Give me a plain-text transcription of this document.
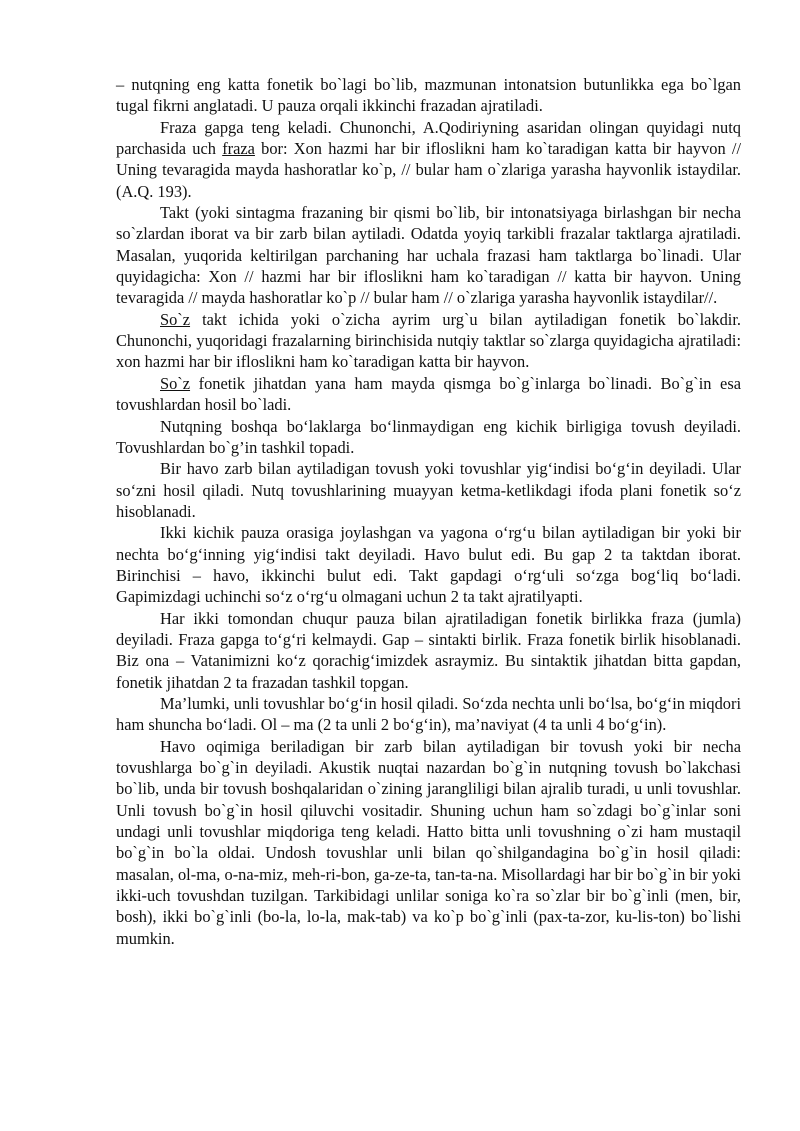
– nutqning eng katta fonetik bo`lagi bo`lib, mazmunan intonatsion butunlikka ega bo`lgan tugal fikrni anglatadi. U pauza orqali ikkinchi frazadan ajratiladi.

Fraza gapga teng keladi. Chunonchi, A.Qodiriyning asaridan olingan quyidagi nutq parchasida uch fraza bor: Xon hazmi har bir ifloslikni ham ko`taradigan katta bir hayvon // Uning tevaragida mayda hashoratlar ko`p, // bular ham o`zlariga yarasha hayvonlik istaydilar. (A.Q. 193).

Takt (yoki sintagma frazaning bir qismi bo`lib, bir intonatsiyaga birlashgan bir necha so`zlardan iborat va bir zarb bilan aytiladi. Odatda yoyiq tarkibli frazalar taktlarga ajratiladi. Masalan, yuqorida keltirilgan parchaning har uchala frazasi ham taktlarga bo`linadi. Ular quyidagicha: Xon // hazmi har bir ifloslikni ham ko`taradigan // katta bir hayvon. Uning tevaragida // mayda hashoratlar ko`p // bular ham // o`zlariga yarasha hayvonlik istaydilar//.

So`z takt ichida yoki o`zicha ayrim urg`u bilan aytiladigan fonetik bo`lakdir. Chunonchi, yuqoridagi frazalarning birinchisida nutqiy taktlar so`zlarga quyidagicha ajratiladi: xon hazmi har bir ifloslikni ham ko`taradigan katta bir hayvon.

So`z fonetik jihatdan yana ham mayda qismga bo`g`inlarga bo`linadi. Bo`g`in esa tovushlardan hosil bo`ladi.

Nutqning boshqa bo‘laklarga bo‘linmaydigan eng kichik birligiga tovush deyiladi. Tovushlardan bo`g’in tashkil topadi.

Bir havo zarb bilan aytiladigan tovush yoki tovushlar yig‘indisi bo‘g‘in deyiladi. Ular so‘zni hosil qiladi. Nutq tovushlarining muayyan ketma-ketlikdagi ifoda plani fonetik so‘z hisoblanadi.

Ikki kichik pauza orasiga joylashgan va yagona o‘rg‘u bilan aytiladigan bir yoki bir nechta bo‘g‘inning yig‘indisi takt deyiladi. Havo bulut edi. Bu gap 2 ta taktdan iborat. Birinchisi – havo, ikkinchi bulut edi. Takt gapdagi o‘rg‘uli so‘zga bog‘liq bo‘ladi. Gapimizdagi uchinchi so‘z o‘rg‘u olmagani uchun 2 ta takt ajratilyapti.

Har ikki tomondan chuqur pauza bilan ajratiladigan fonetik birlikka fraza (jumla) deyiladi. Fraza gapga to‘g‘ri kelmaydi. Gap – sintakti birlik. Fraza fonetik birlik hisoblanadi. Biz ona – Vatanimizni ko‘z qorachig‘imizdek asraymiz. Bu sintaktik jihatdan bitta gapdan, fonetik jihatdan 2 ta frazadan tashkil topgan.

Ma’lumki, unli tovushlar bo‘g‘in hosil qiladi. So‘zda nechta unli bo‘lsa, bo‘g‘in miqdori ham shuncha bo‘ladi. Ol – ma (2 ta unli 2 bo‘g‘in), ma’naviyat (4 ta unli 4 bo‘g‘in).

Havo oqimiga beriladigan bir zarb bilan aytiladigan bir tovush yoki bir necha tovushlarga bo`g`in deyiladi. Akustik nuqtai nazardan bo`g`in nutqning tovush bo`lakchasi bo`lib, unda bir tovush boshqalaridan o`zining jarangliligi bilan ajralib turadi, u unli tovushlar. Unli tovush bo`g`in hosil qiluvchi vositadir. Shuning uchun ham so`zdagi bo`g`inlar soni undagi unli tovushlar miqdoriga teng keladi. Hatto bitta unli tovushning o`zi ham mustaqil bo`g`in bo`la oldai. Undosh tovushlar unli bilan qo`shilgandagina bo`g`in hosil qiladi: masalan, ol-ma, o-na-miz, meh-ri-bon, ga-ze-ta, tan-ta-na. Misollardagi har bir bo`g`in bir yoki ikki-uch tovushdan tuzilgan. Tarkibidagi unlilar soniga ko`ra so`zlar bir bo`g`inli (men, bir, bosh), ikki bo`g`inli (bo-la, lo-la, mak-tab) va ko`p bo`g`inli (pax-ta-zor, ku-lis-ton) bo`lishi mumkin.
